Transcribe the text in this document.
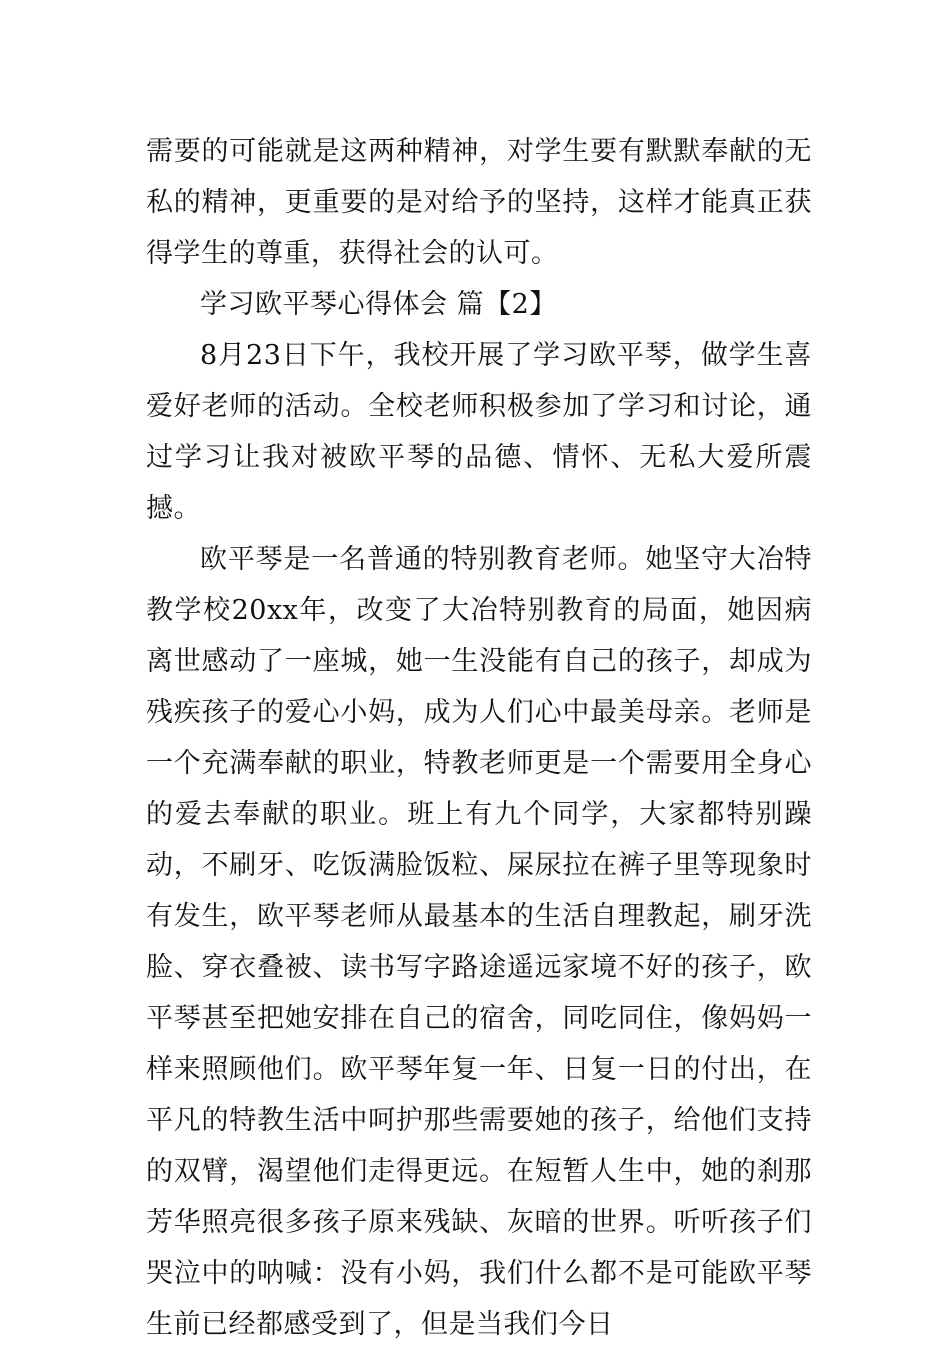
需要的可能就是这两种精神，对学生要有默默奉献的无私的精神，更重要的是对给予的坚持，这样才能真正获得学生的尊重，获得社会的认可。

学习欧平琴心得体会 篇【2】

8月23日下午，我校开展了学习欧平琴，做学生喜爱好老师的活动。全校老师积极参加了学习和讨论，通过学习让我对被欧平琴的品德、情怀、无私大爱所震撼。

欧平琴是一名普通的特别教育老师。她坚守大冶特教学校20xx年，改变了大冶特别教育的局面，她因病离世感动了一座城，她一生没能有自己的孩子，却成为残疾孩子的爱心小妈，成为人们心中最美母亲。老师是一个充满奉献的职业，特教老师更是一个需要用全身心的爱去奉献的职业。班上有九个同学，大家都特别躁动，不刷牙、吃饭满脸饭粒、屎尿拉在裤子里等现象时有发生，欧平琴老师从最基本的生活自理教起，刷牙洗脸、穿衣叠被、读书写字路途遥远家境不好的孩子，欧平琴甚至把她安排在自己的宿舍，同吃同住，像妈妈一样来照顾他们。欧平琴年复一年、日复一日的付出，在平凡的特教生活中呵护那些需要她的孩子，给他们支持的双臂，渴望他们走得更远。在短暂人生中，她的刹那芳华照亮很多孩子原来残缺、灰暗的世界。听听孩子们哭泣中的呐喊：没有小妈，我们什么都不是可能欧平琴生前已经都感受到了，但是当我们今日
